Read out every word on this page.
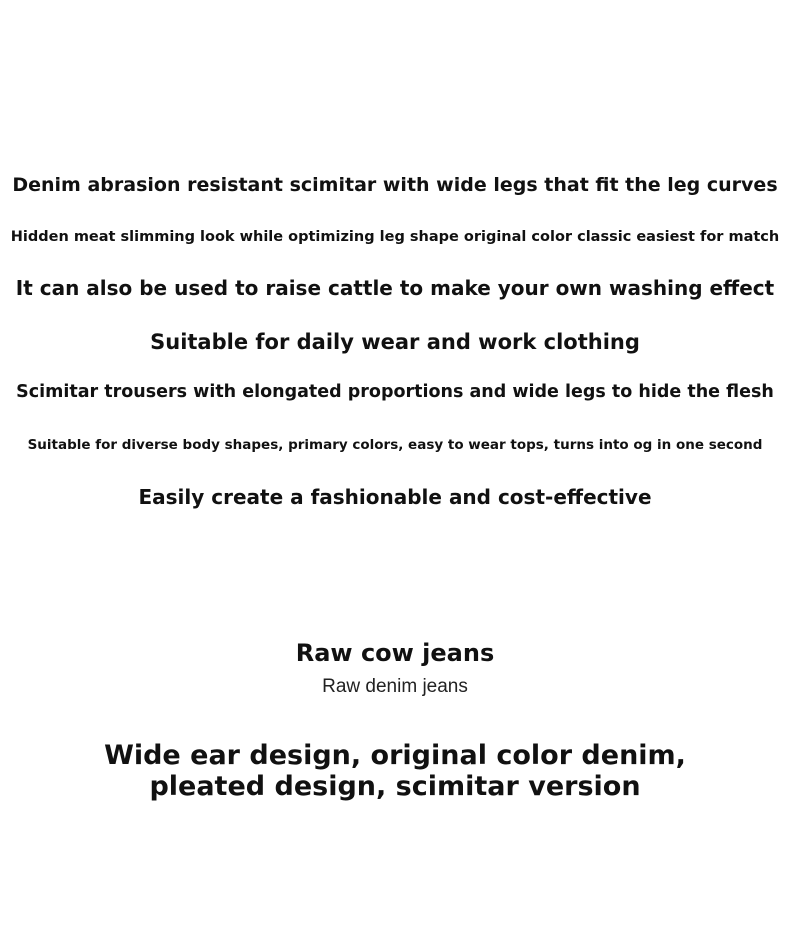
Denim abrasion resistant scimitar with wide legs that fit the leg curves
Hidden meat slimming look while optimizing leg shape original color classic easiest for match
It can also be used to raise cattle to make your own washing effect
Suitable for daily wear and work clothing
Scimitar trousers with elongated proportions and wide legs to hide the flesh
Suitable for diverse body shapes, primary colors, easy to wear tops, turns into og in one second
Easily create a fashionable and cost-effective
Raw cow jeans
Raw denim jeans
Wide ear design, original color denim, pleated design, scimitar version
